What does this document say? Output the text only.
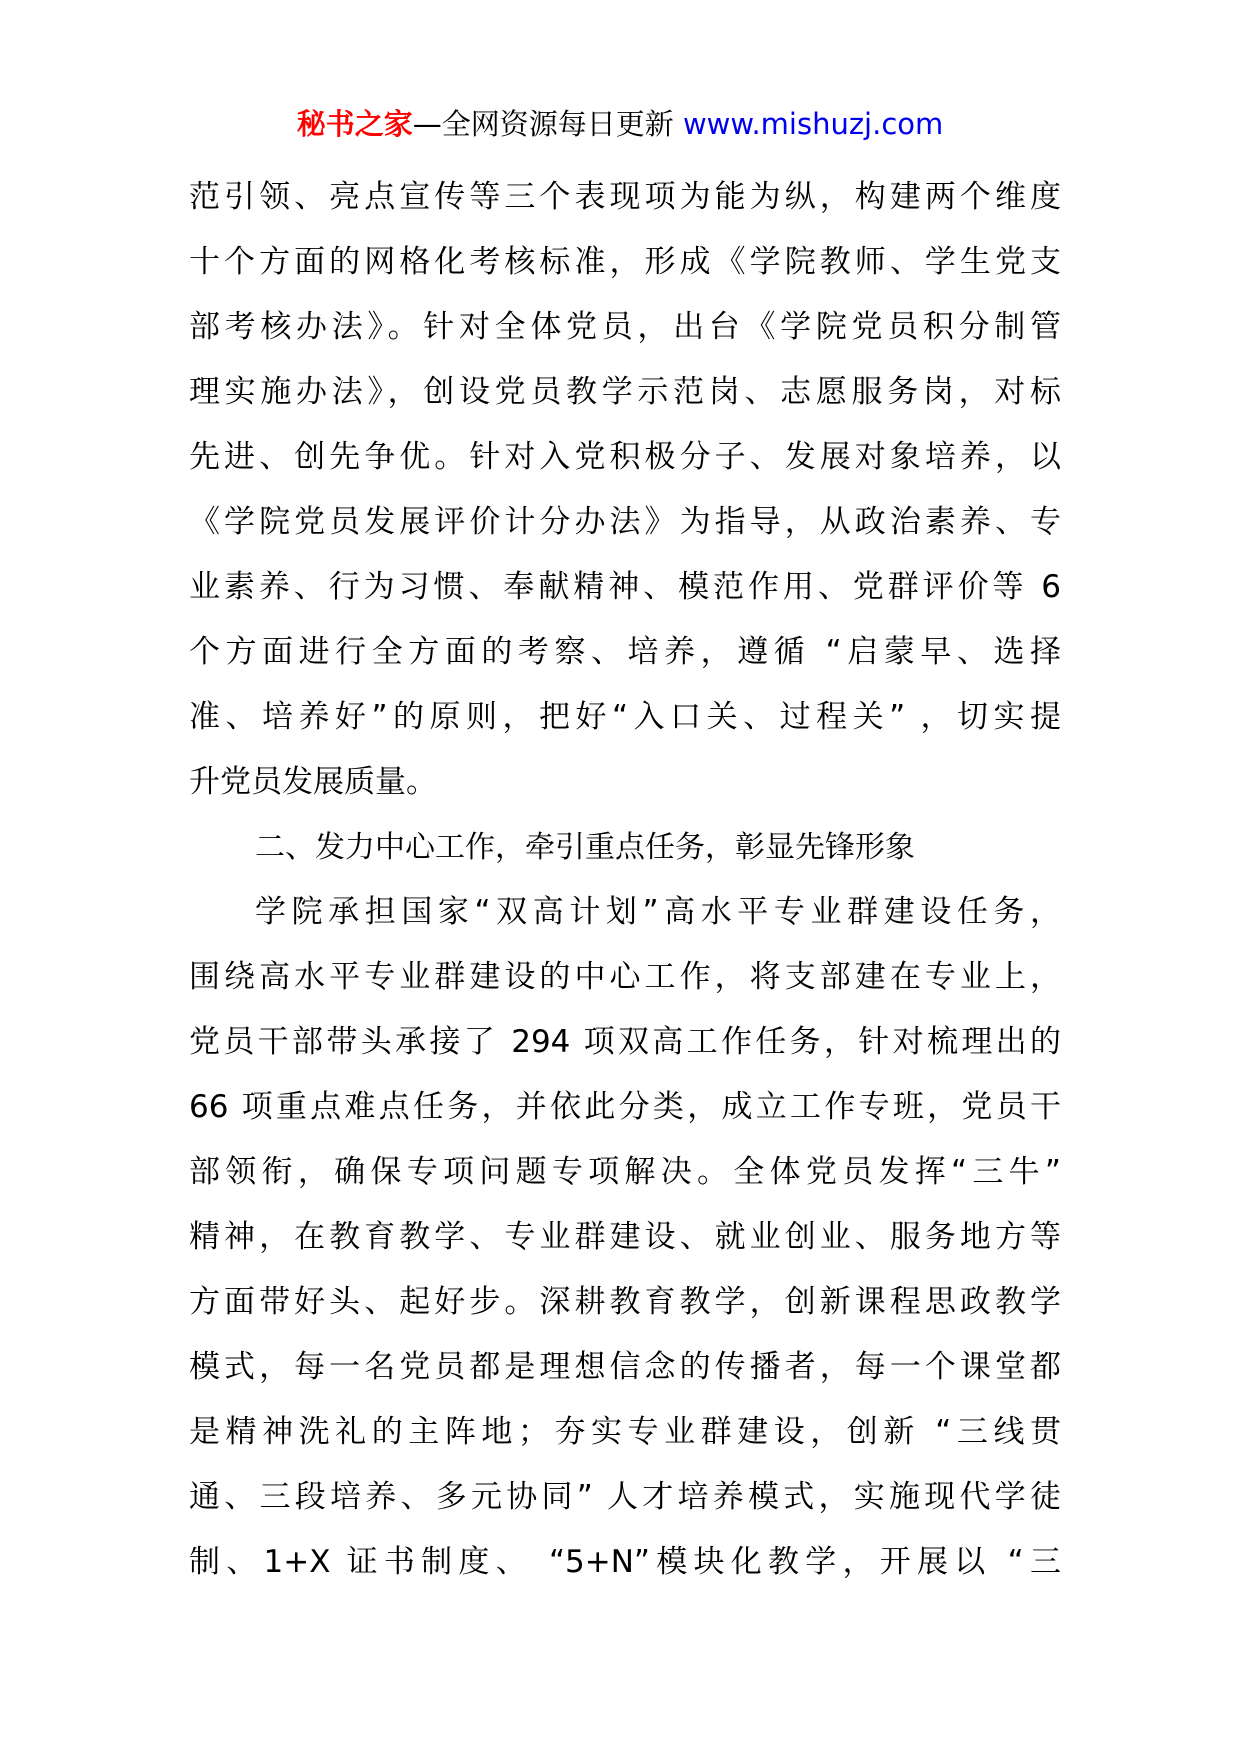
秘书之家—全网资源每日更新 www.mishuzj.com
范引领、亮点宣传等三个表现项为能为纵，构建两个维度
十个方面的网格化考核标准，形成《学院教师、学生党支
部考核办法》。针对全体党员，出台《学院党员积分制管
理实施办法》，创设党员教学示范岗、志愿服务岗，对标
先进、创先争优。针对入党积极分子、发展对象培养，以
《学院党员发展评价计分办法》为指导，从政治素养、专
业素养、行为习惯、奉献精神、模范作用、党群评价等 6
个方面进行全方面的考察、培养，遵循 “启蒙早、选择
准、培养好”的原则，把好“入口关、过程关” ，切实提
升党员发展质量。
二、发力中心工作，牵引重点任务，彰显先锋形象
学院承担国家“双高计划”高水平专业群建设任务，
围绕高水平专业群建设的中心工作，将支部建在专业上，
党员干部带头承接了 294 项双高工作任务，针对梳理出的
66 项重点难点任务，并依此分类，成立工作专班，党员干
部领衔，确保专项问题专项解决。全体党员发挥“三牛”
精神，在教育教学、专业群建设、就业创业、服务地方等
方面带好头、起好步。深耕教育教学，创新课程思政教学
模式，每一名党员都是理想信念的传播者，每一个课堂都
是精神洗礼的主阵地；夯实专业群建设，创新 “三线贯
通、三段培养、多元协同” 人才培养模式，实施现代学徒
制、1+X 证书制度、 “5+N”模块化教学，开展以 “三
